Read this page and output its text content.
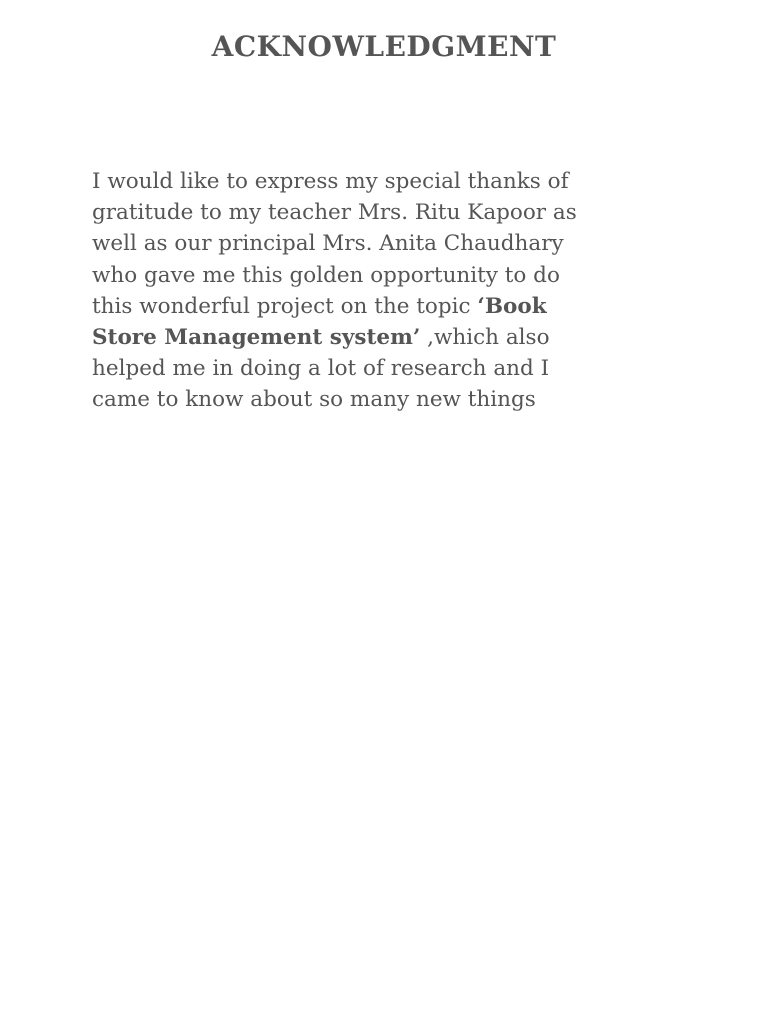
ACKNOWLEDGMENT

I would like to express my special thanks of
gratitude to my teacher Mrs. Ritu Kapoor as
well as our principal Mrs. Anita Chaudhary
who gave me this golden opportunity to do
this wonderful project on the topic ‘Book
Store Management system’ ,which also
helped me in doing a lot of research and I
came to know about so many new things
